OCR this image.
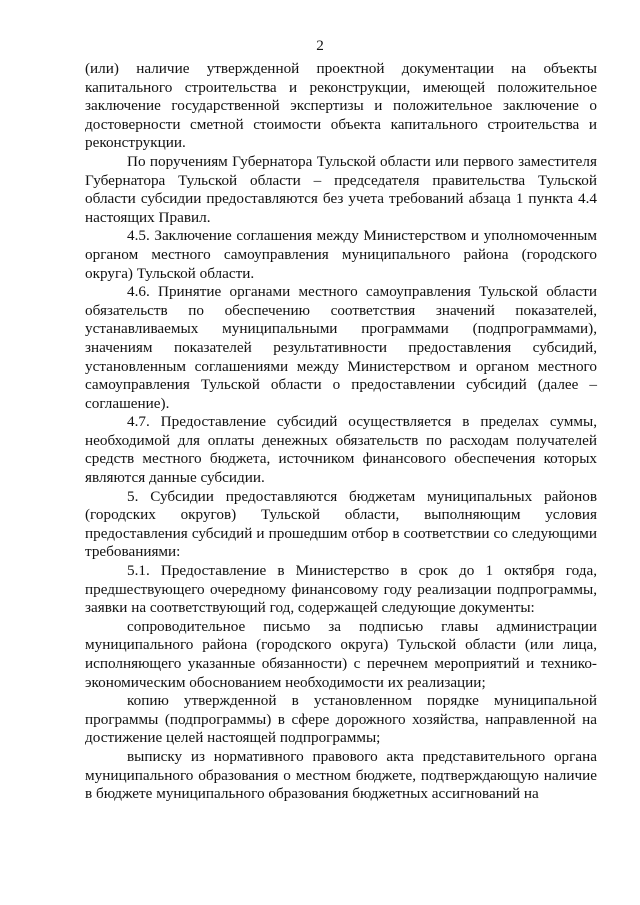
2

(или) наличие утвержденной проектной документации на объекты капитального строительства и реконструкции, имеющей положительное заключение государственной экспертизы и положительное заключение о достоверности сметной стоимости объекта капитального строительства и реконструкции.

По поручениям Губернатора Тульской области или первого заместителя Губернатора Тульской области – председателя правительства Тульской области субсидии предоставляются без учета требований абзаца 1 пункта 4.4 настоящих Правил.

4.5. Заключение соглашения между Министерством и уполномоченным органом местного самоуправления муниципального района (городского округа) Тульской области.

4.6. Принятие органами местного самоуправления Тульской области обязательств по обеспечению соответствия значений показателей, устанавливаемых муниципальными программами (подпрограммами), значениям показателей результативности предоставления субсидий, установленным соглашениями между Министерством и органом местного самоуправления Тульской области о предоставлении субсидий (далее – соглашение).

4.7. Предоставление субсидий осуществляется в пределах суммы, необходимой для оплаты денежных обязательств по расходам получателей средств местного бюджета, источником финансового обеспечения которых являются данные субсидии.

5. Субсидии предоставляются бюджетам муниципальных районов (городских округов) Тульской области, выполняющим условия предоставления субсидий и прошедшим отбор в соответствии со следующими требованиями:

5.1. Предоставление в Министерство в срок до 1 октября года, предшествующего очередному финансовому году реализации подпрограммы, заявки на соответствующий год, содержащей следующие документы:

сопроводительное письмо за подписью главы администрации муниципального района (городского округа) Тульской области (или лица, исполняющего указанные обязанности) с перечнем мероприятий и технико-экономическим обоснованием необходимости их реализации;

копию утвержденной в установленном порядке муниципальной программы (подпрограммы) в сфере дорожного хозяйства, направленной на достижение целей настоящей подпрограммы;

выписку из нормативного правового акта представительного органа муниципального образования о местном бюджете, подтверждающую наличие в бюджете муниципального образования бюджетных ассигнований на
